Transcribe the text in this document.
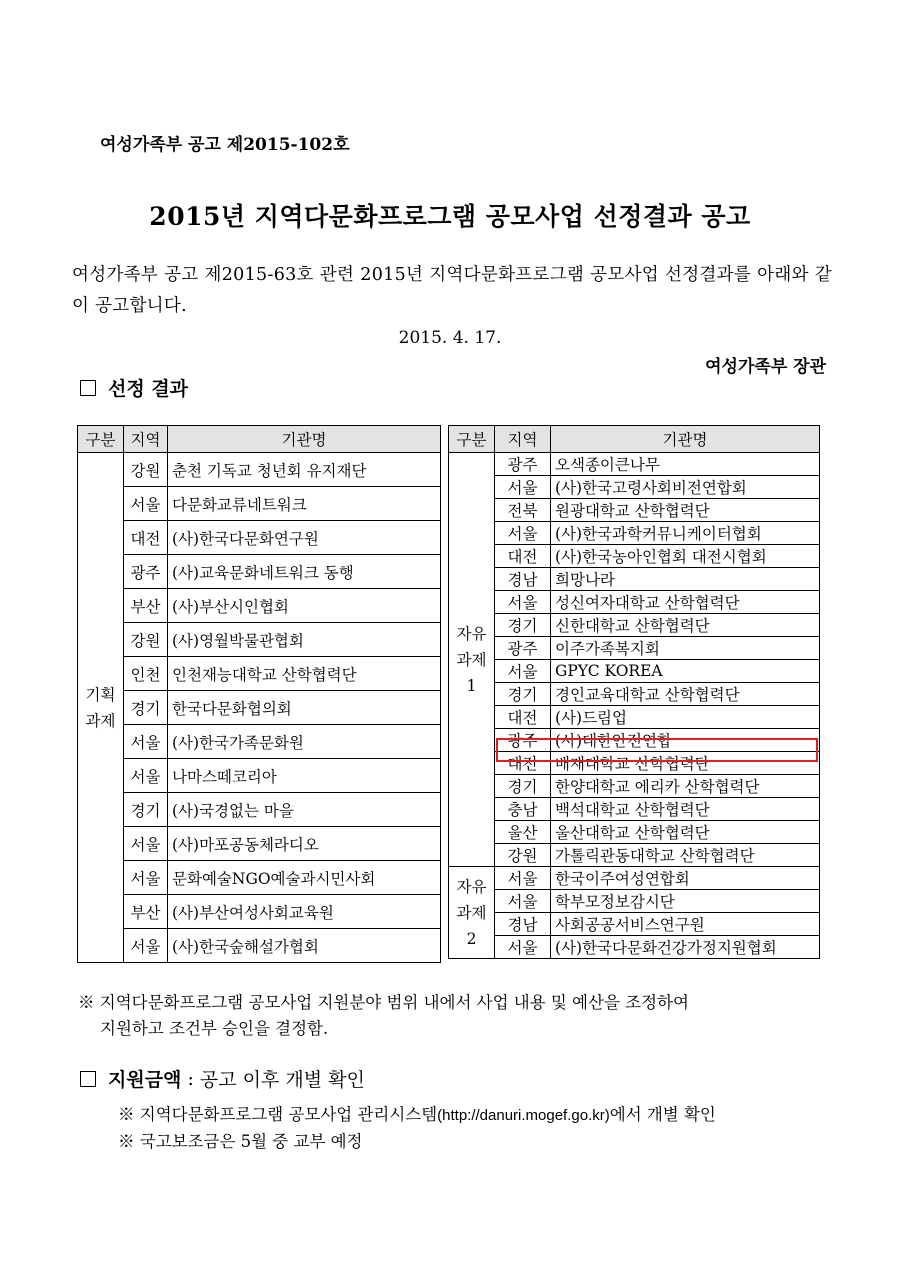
여성가족부 공고 제2015-102호
2015년 지역다문화프로그램 공모사업 선정결과 공고
여성가족부 공고 제2015-63호 관련 2015년 지역다문화프로그램 공모사업 선정결과를 아래와 같이 공고합니다.
2015. 4. 17.
여성가족부 장관
선정 결과
구분	지역	기관명
기획과제	강원	춘천 기독교 청년회 유지재단
	서울	다문화교류네트워크
	대전	(사)한국다문화연구원
	광주	(사)교육문화네트워크 동행
	부산	(사)부산시인협회
	강원	(사)영월박물관협회
	인천	인천재능대학교 산학협력단
	경기	한국다문화협의회
	서울	(사)한국가족문화원
	서울	나마스떼코리아
	경기	(사)국경없는 마을
	서울	(사)마포공동체라디오
	서울	문화예술NGO예술과시민사회
	부산	(사)부산여성사회교육원
	서울	(사)한국숲해설가협회
구분	지역	기관명
자유과제 1	광주	오색종이큰나무
	서울	(사)한국고령사회비전연합회
	전북	원광대학교 산학협력단
	서울	(사)한국과학커뮤니케이터협회
	대전	(사)한국농아인협회 대전시협회
	경남	희망나라
	서울	성신여자대학교 산학협력단
	경기	신한대학교 산학협력단
	광주	이주가족복지회
	서울	GPYC KOREA
	경기	경인교육대학교 산학협력단
	대전	(사)드림업
	광주	(사)대한안전연합
	대전	배재대학교 산학협력단
	경기	한양대학교 에리카 산학협력단
	충남	백석대학교 산학협력단
	울산	울산대학교 산학협력단
	강원	가톨릭관동대학교 산학협력단
자유과제 2	서울	한국이주여성연합회
	서울	학부모정보감시단
	경남	사회공공서비스연구원
	서울	(사)한국다문화건강가정지원협회
※ 지역다문화프로그램 공모사업 지원분야 범위 내에서 사업 내용 및 예산을 조정하여
지원하고 조건부 승인을 결정함.
지원금액 : 공고 이후 개별 확인
※ 지역다문화프로그램 공모사업 관리시스템(http://danuri.mogef.go.kr)에서 개별 확인
※ 국고보조금은 5월 중 교부 예정
